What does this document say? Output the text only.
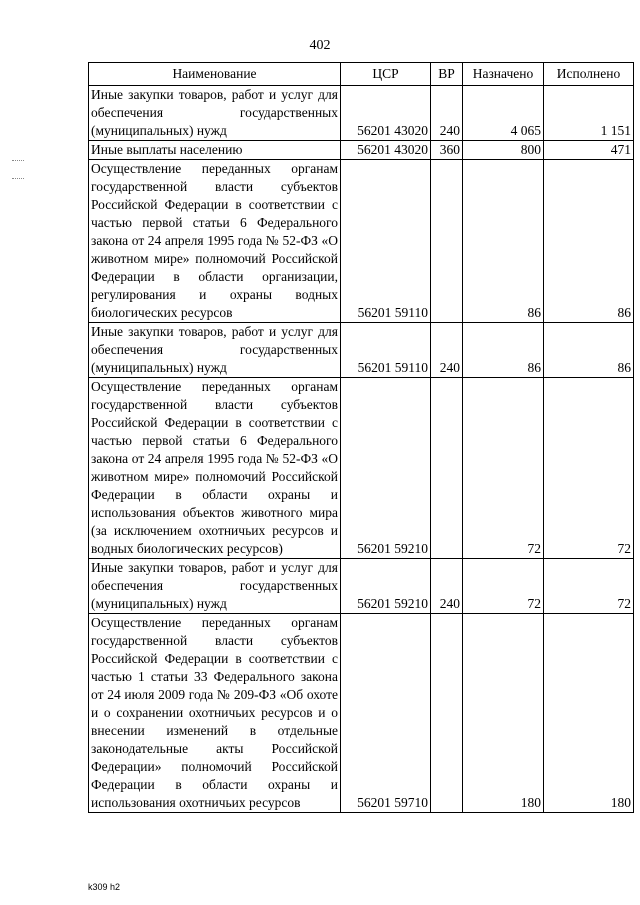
402
Наименование	ЦСР	ВР	Назначено	Исполнено
Иные закупки товаров, работ и услуг для обеспечения государственных (муниципальных) нужд	56201 43020	240	4 065	1 151
Иные выплаты населению	56201 43020	360	800	471
Осуществление переданных органам государственной власти субъектов Российской Федерации в соответствии с частью первой статьи 6 Федерального закона от 24 апреля 1995 года № 52-ФЗ «О животном мире» полномочий Российской Федерации в области организации, регулирования и охраны водных биологических ресурсов	56201 59110		86	86
Иные закупки товаров, работ и услуг для обеспечения государственных (муниципальных) нужд	56201 59110	240	86	86
Осуществление переданных органам государственной власти субъектов Российской Федерации в соответствии с частью первой статьи 6 Федерального закона от 24 апреля 1995 года № 52-ФЗ «О животном мире» полномочий Российской Федерации в области охраны и использования объектов животного мира (за исключением охотничьих ресурсов и водных биологических ресурсов)	56201 59210		72	72
Иные закупки товаров, работ и услуг для обеспечения государственных (муниципальных) нужд	56201 59210	240	72	72
Осуществление переданных органам государственной власти субъектов Российской Федерации в соответствии с частью 1 статьи 33 Федерального закона от 24 июля 2009 года № 209-ФЗ «Об охоте и о сохранении охотничьих ресурсов и о внесении изменений в отдельные законодательные акты Российской Федерации» полномочий Российской Федерации в области охраны и использования охотничьих ресурсов	56201 59710		180	180
k309 h2
